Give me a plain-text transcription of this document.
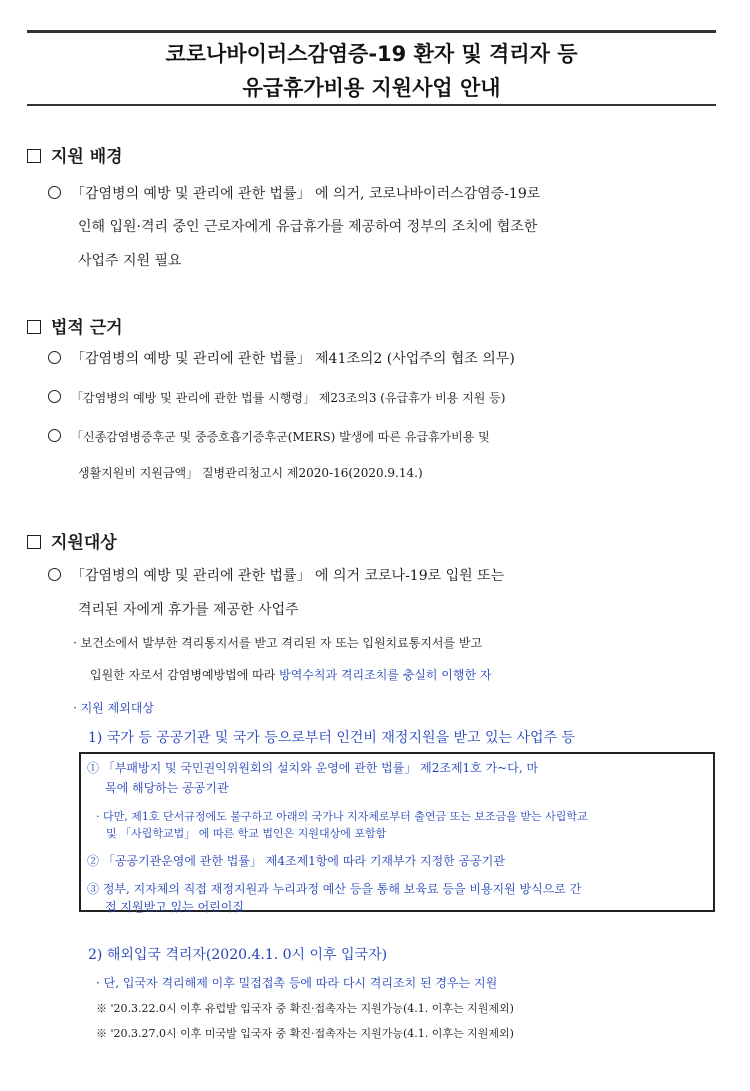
코로나바이러스감염증-19 환자 및 격리자 등
유급휴가비용 지원사업 안내
지원 배경
「감염병의 예방 및 관리에 관한 법률」 에 의거, 코로나바이러스감염증-19로
인해 입원·격리 중인 근로자에게 유급휴가를 제공하여 정부의 조치에 협조한
사업주 지원 필요
법적 근거
「감염병의 예방 및 관리에 관한 법률」 제41조의2 (사업주의 협조 의무)
「감염병의 예방 및 관리에 관한 법률 시행령」 제23조의3 (유급휴가 비용 지원 등)
「신종감염병증후군 및 중증호흡기증후군(MERS) 발생에 따른 유급휴가비용 및
생활지원비 지원금액」 질병관리청고시 제2020-16(2020.9.14.)
지원대상
「감염병의 예방 및 관리에 관한 법률」 에 의거 코로나-19로 입원 또는
격리된 자에게 휴가를 제공한 사업주
· 보건소에서 발부한 격리통지서를 받고 격리된 자 또는 입원치료통지서를 받고
입원한 자로서 감염병예방법에 따라 방역수칙과 격리조치를 충실히 이행한 자
· 지원 제외대상
1) 국가 등 공공기관 및 국가 등으로부터 인건비 재정지원을 받고 있는 사업주 등
① 「부패방지 및 국민권익위원회의 설치와 운영에 관한 법률」 제2조제1호 가~다, 마
목에 해당하는 공공기관
· 다만, 제1호 단서규정에도 불구하고 아래의 국가나 지자체로부터 출연금 또는 보조금을 받는 사립학교
및 「사립학교법」 에 따른 학교 법인은 지원대상에 포함함
② 「공공기관운영에 관한 법률」 제4조제1항에 따라 기재부가 지정한 공공기관
③ 정부, 지자체의 직접 재정지원과 누리과정 예산 등을 통해 보육료 등을 비용지원 방식으로 간
접 지원받고 있는 어린이집
2) 해외입국 격리자(2020.4.1. 0시 이후 입국자)
· 단, 입국자 격리해제 이후 밀접접촉 등에 따라 다시 격리조치 된 경우는 지원
※ '20.3.22.0시 이후 유럽발 입국자 중 확진·접촉자는 지원가능(4.1. 이후는 지원제외)
※ '20.3.27.0시 이후 미국발 입국자 중 확진·접촉자는 지원가능(4.1. 이후는 지원제외)
